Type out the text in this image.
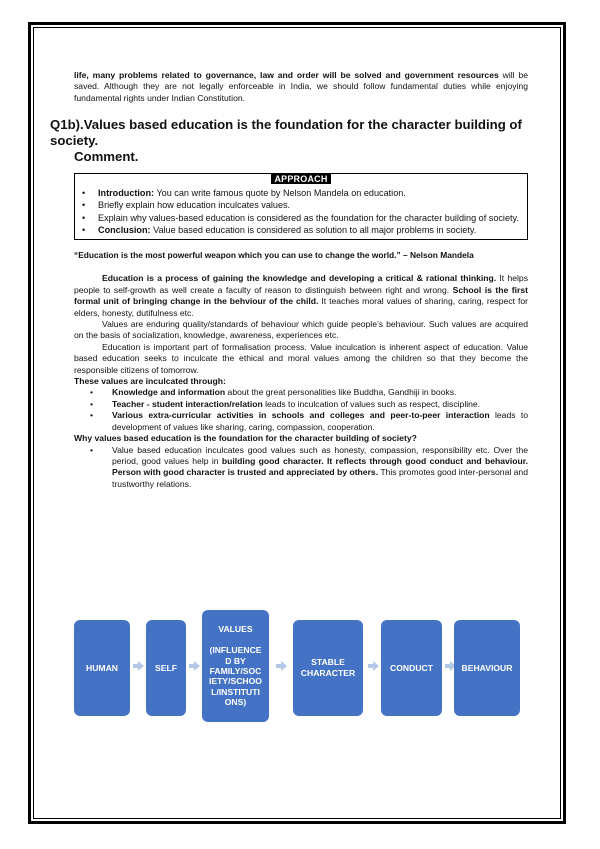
life, many problems related to governance, law and order will be solved and government resources will be saved. Although they are not legally enforceable in India, we should follow fundamental duties while enjoying fundamental rights under Indian Constitution.

Q1b).Values based education is the foundation for the character building of society.
Comment.
APPROACH
• Introduction: You can write famous quote by Nelson Mandela on education.
• Briefly explain how education inculcates values.
• Explain why values-based education is considered as the foundation for the character building of society.
• Conclusion: Value based education is considered as solution to all major problems in society.

“Education is the most powerful weapon which you can use to change the world.” – Nelson Mandela

Education is a process of gaining the knowledge and developing a critical & rational thinking. It helps people to self-growth as well create a faculty of reason to distinguish between right and wrong. School is the first formal unit of bringing change in the behviour of the child. It teaches moral values of sharing, caring, respect for elders, honesty, dutifulness etc.

Values are enduring quality/standards of behaviour which guide people’s behaviour. Such values are acquired on the basis of socialization, knowledge, awareness, experiences etc.

Education is important part of formalisation process. Value inculcation is inherent aspect of education. Value based education seeks to inculcate the ethical and moral values among the children so that they become the responsible citizens of tomorrow.

These values are inculcated through:

• Knowledge and information about the great personalities like Buddha, Gandhiji in books.
• Teacher - student interaction/relation leads to inculcation of values such as respect, discipline.
• Various extra-curricular activities in schools and colleges and peer-to-peer interaction leads to development of values like sharing, caring, compassion, cooperation.

Why values based education is the foundation for the character building of society?

• Value based education inculcates good values such as honesty, compassion, responsibility etc. Over the period, good values help in building good character. It reflects through good conduct and behaviour. Person with good character is trusted and appreciated by others. This promotes good inter-personal and trustworthy relations.
HUMAN	SELF
VALUES

(INFLUENCE
D BY
FAMILY/SOC
IETY/SCHOO
L/INSTITUTI
ONS)
STABLE
CHARACTER
CONDUCT	BEHAVIOUR
